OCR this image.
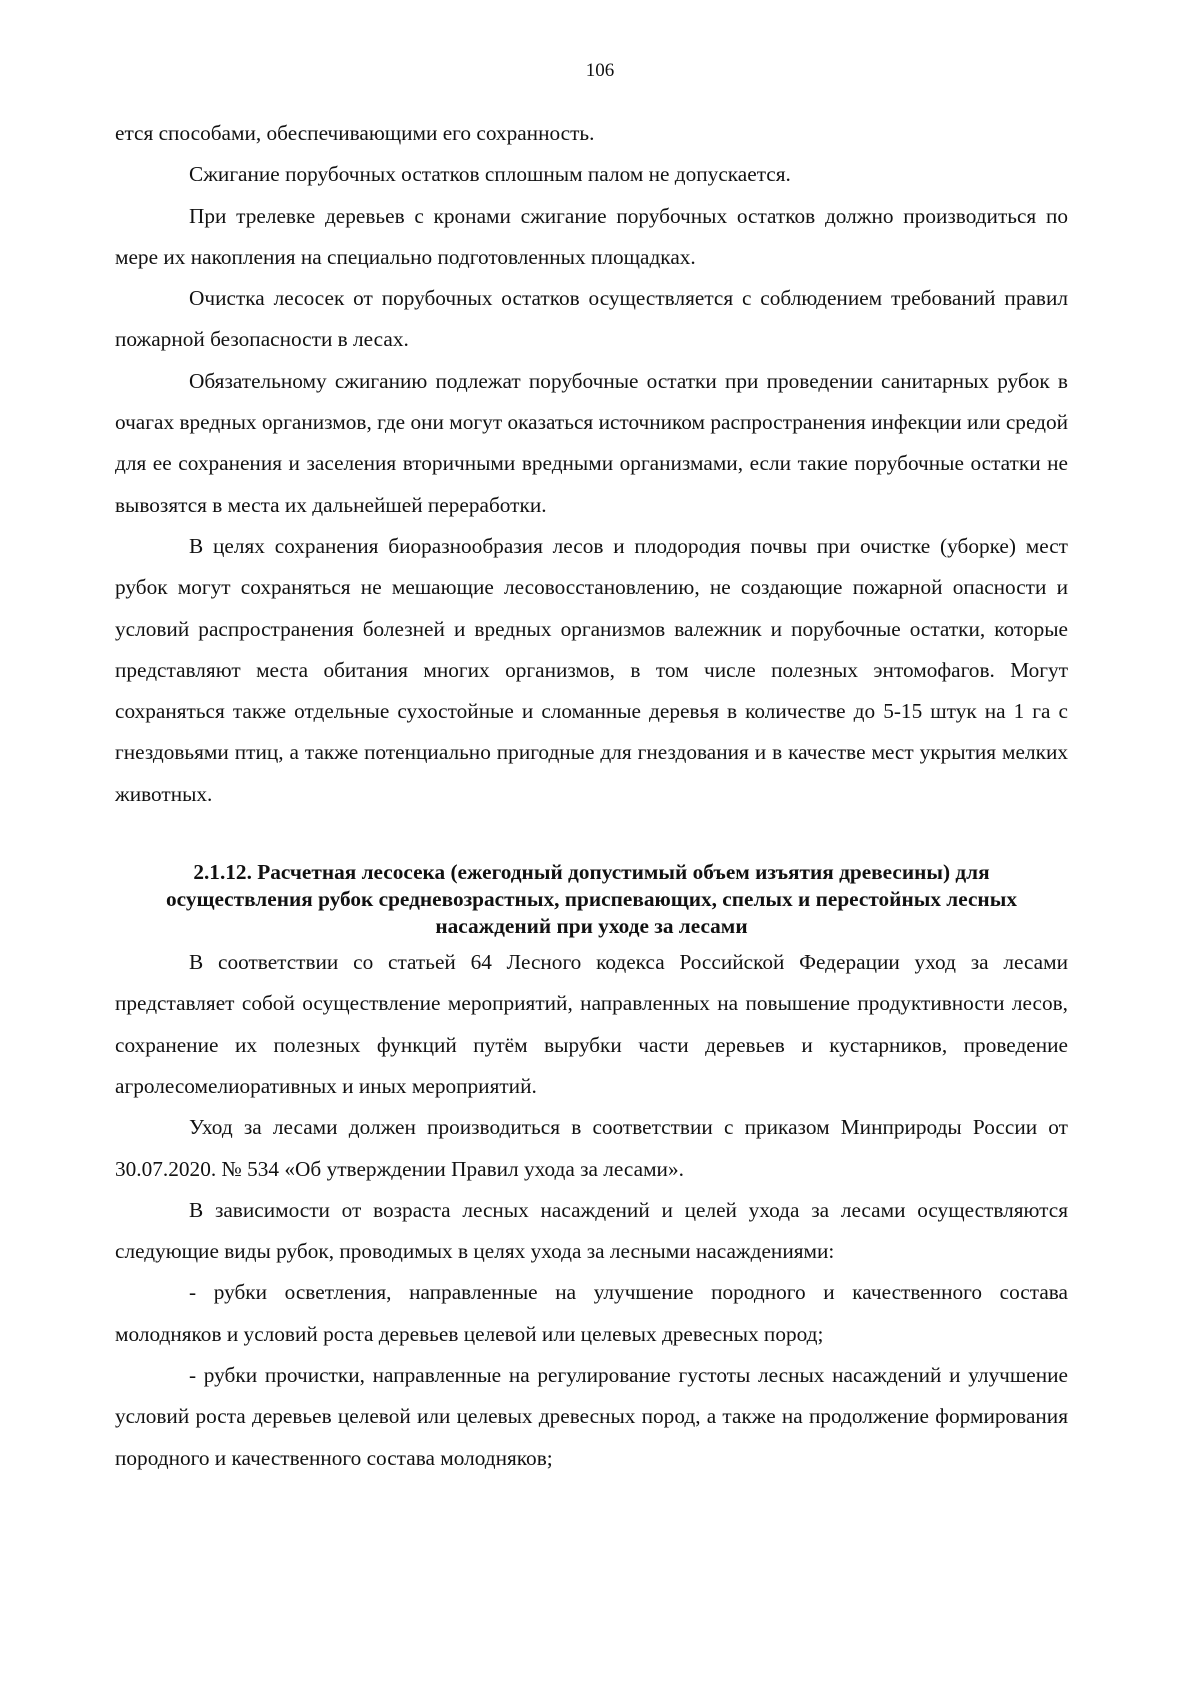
106

ется способами, обеспечивающими его сохранность.

Сжигание порубочных остатков сплошным палом не допускается.

При трелевке деревьев с кронами сжигание порубочных остатков должно производиться по мере их накопления на специально подготовленных площадках.

Очистка лесосек от порубочных остатков осуществляется с соблюдением требований правил пожарной безопасности в лесах.

Обязательному сжиганию подлежат порубочные остатки при проведении санитарных рубок в очагах вредных организмов, где они могут оказаться источником распространения инфекции или средой для ее сохранения и заселения вторичными вредными организмами, если такие порубочные остатки не вывозятся в места их дальнейшей переработки.

В целях сохранения биоразнообразия лесов и плодородия почвы при очистке (уборке) мест рубок могут сохраняться не мешающие лесовосстановлению, не создающие пожарной опасности и условий распространения болезней и вредных организмов валежник и порубочные остатки, которые представляют места обитания многих организмов, в том числе полезных энтомофагов. Могут сохраняться также отдельные сухостойные и сломанные деревья в количестве до 5-15 штук на 1 га с гнездовьями птиц, а также потенциально пригодные для гнездования и в качестве мест укрытия мелких животных.

2.1.12. Расчетная лесосека (ежегодный допустимый объем изъятия древесины) для осуществления рубок средневозрастных, приспевающих, спелых и перестойных лесных насаждений при уходе за лесами

В соответствии со статьей 64 Лесного кодекса Российской Федерации уход за лесами представляет собой осуществление мероприятий, направленных на повышение продуктивности лесов, сохранение их полезных функций путём вырубки части деревьев и кустарников, проведение агролесомелиоративных и иных мероприятий.

Уход за лесами должен производиться в соответствии с приказом Минприроды России от 30.07.2020. № 534 «Об утверждении Правил ухода за лесами».

В зависимости от возраста лесных насаждений и целей ухода за лесами осуществляются следующие виды рубок, проводимых в целях ухода за лесными насаждениями:

- рубки осветления, направленные на улучшение породного и качественного состава молодняков и условий роста деревьев целевой или целевых древесных пород;

- рубки прочистки, направленные на регулирование густоты лесных насаждений и улучшение условий роста деревьев целевой или целевых древесных пород, а также на продолжение формирования породного и качественного состава молодняков;
